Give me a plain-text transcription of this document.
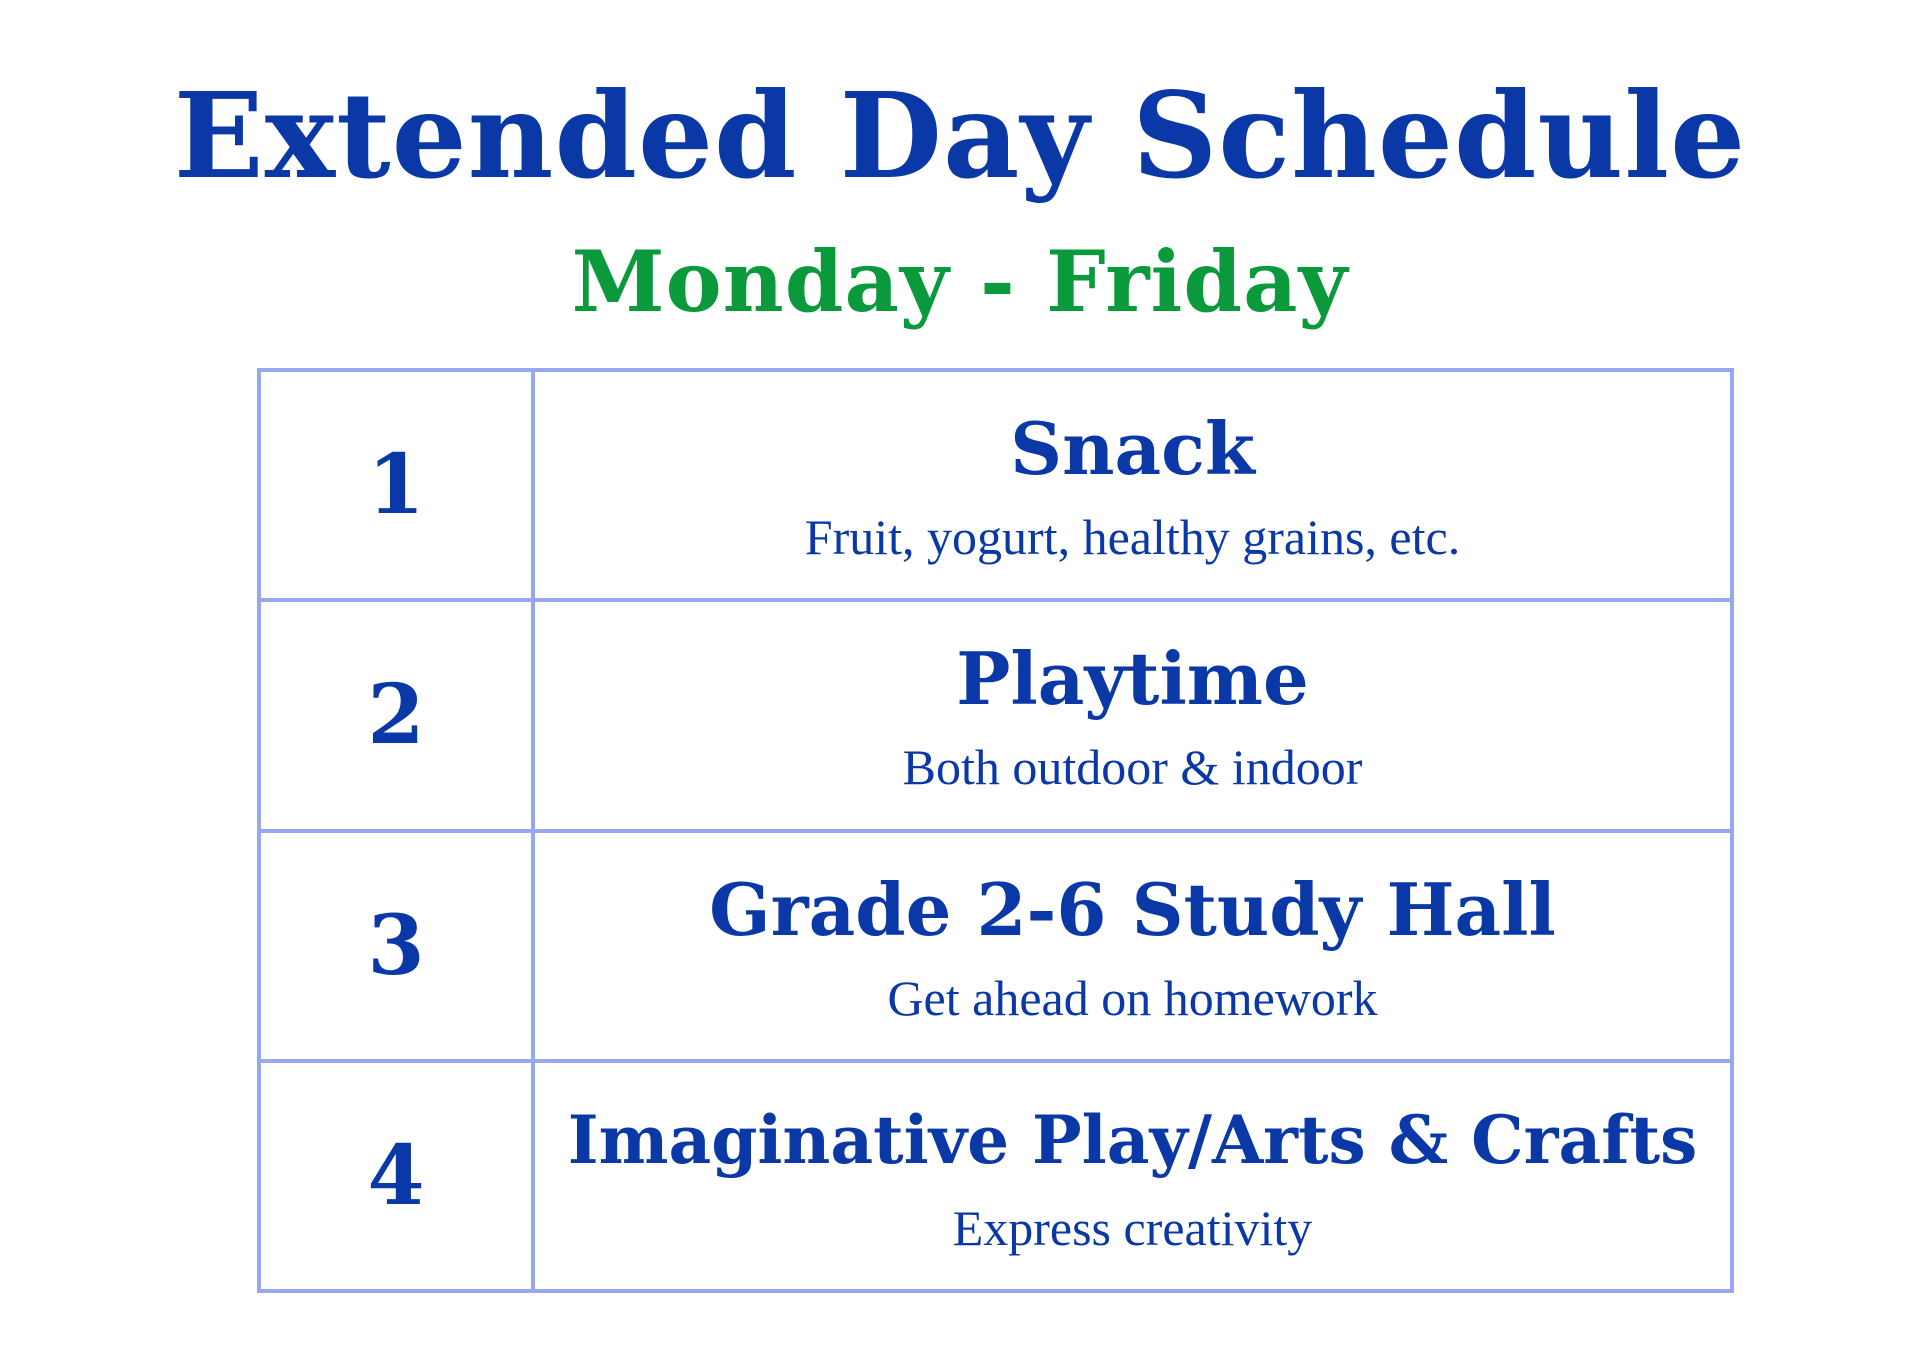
Extended Day Schedule
Monday - Friday
1	Snack
Fruit, yogurt, healthy grains, etc.

2	Playtime
Both outdoor & indoor

3	Grade 2-6 Study Hall
Get ahead on homework

4	Imaginative Play/Arts & Crafts
Express creativity
